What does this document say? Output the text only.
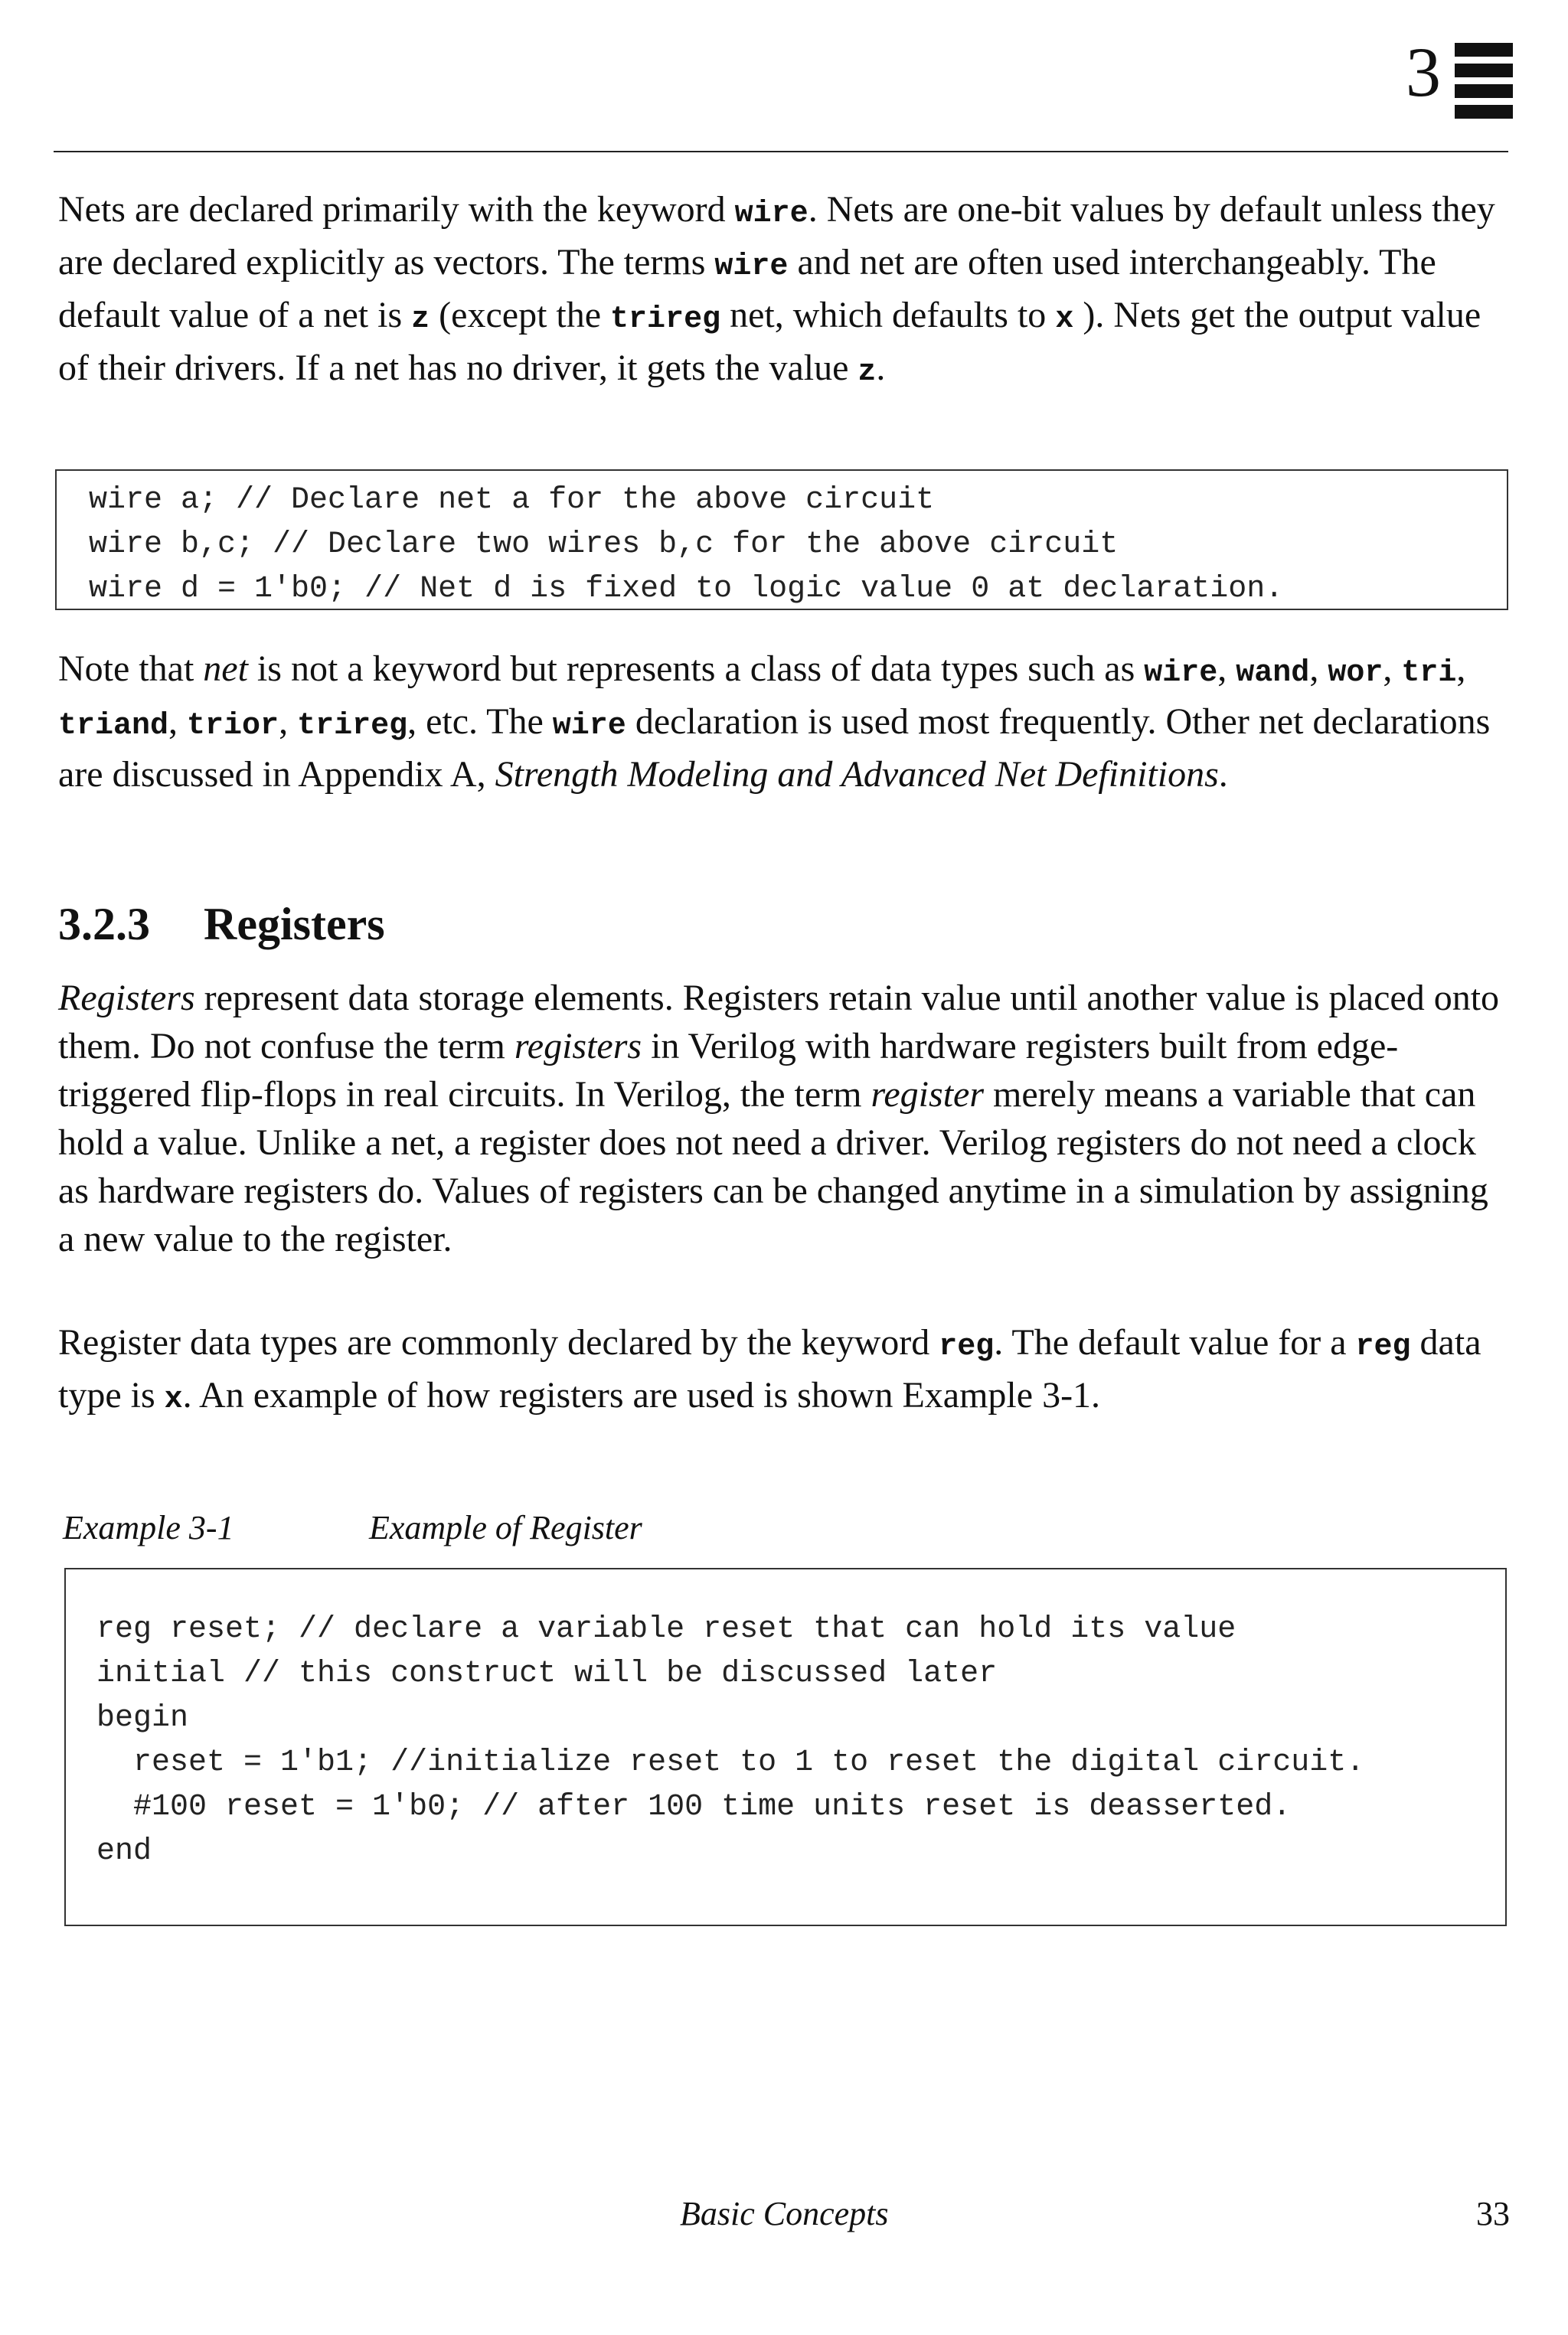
3

Nets are declared primarily with the keyword wire. Nets are one-bit values by default unless they are declared explicitly as vectors. The terms wire and net are often used interchangeably. The default value of a net is z (except the trireg net, which defaults to x ). Nets get the output value of their drivers. If a net has no driver, it gets the value z.

wire a; // Declare net a for the above circuit

wire b,c; // Declare two wires b,c for the above circuit

wire d = 1'b0; // Net d is fixed to logic value 0 at declaration.

Note that net is not a keyword but represents a class of data types such as wire, wand, wor, tri, triand, trior, trireg, etc. The wire declaration is used most frequently. Other net declarations are discussed in Appendix A, Strength Modeling and Advanced Net Definitions.

3.2.3 Registers

Registers represent data storage elements. Registers retain value until another value is placed onto them. Do not confuse the term registers in Verilog with hardware registers built from edge-triggered flip-flops in real circuits. In Verilog, the term register merely means a variable that can hold a value. Unlike a net, a register does not need a driver. Verilog registers do not need a clock as hardware registers do. Values of registers can be changed anytime in a simulation by assigning a new value to the register.

Register data types are commonly declared by the keyword reg. The default value for a reg data type is x. An example of how registers are used is shown Example 3-1.

Example 3-1	Example of Register

reg reset; // declare a variable reset that can hold its value

initial // this construct will be discussed later

begin

reset = 1'b1; //initialize reset to 1 to reset the digital circuit.

#100 reset = 1'b0; // after 100 time units reset is deasserted.

end

Basic Concepts	33
